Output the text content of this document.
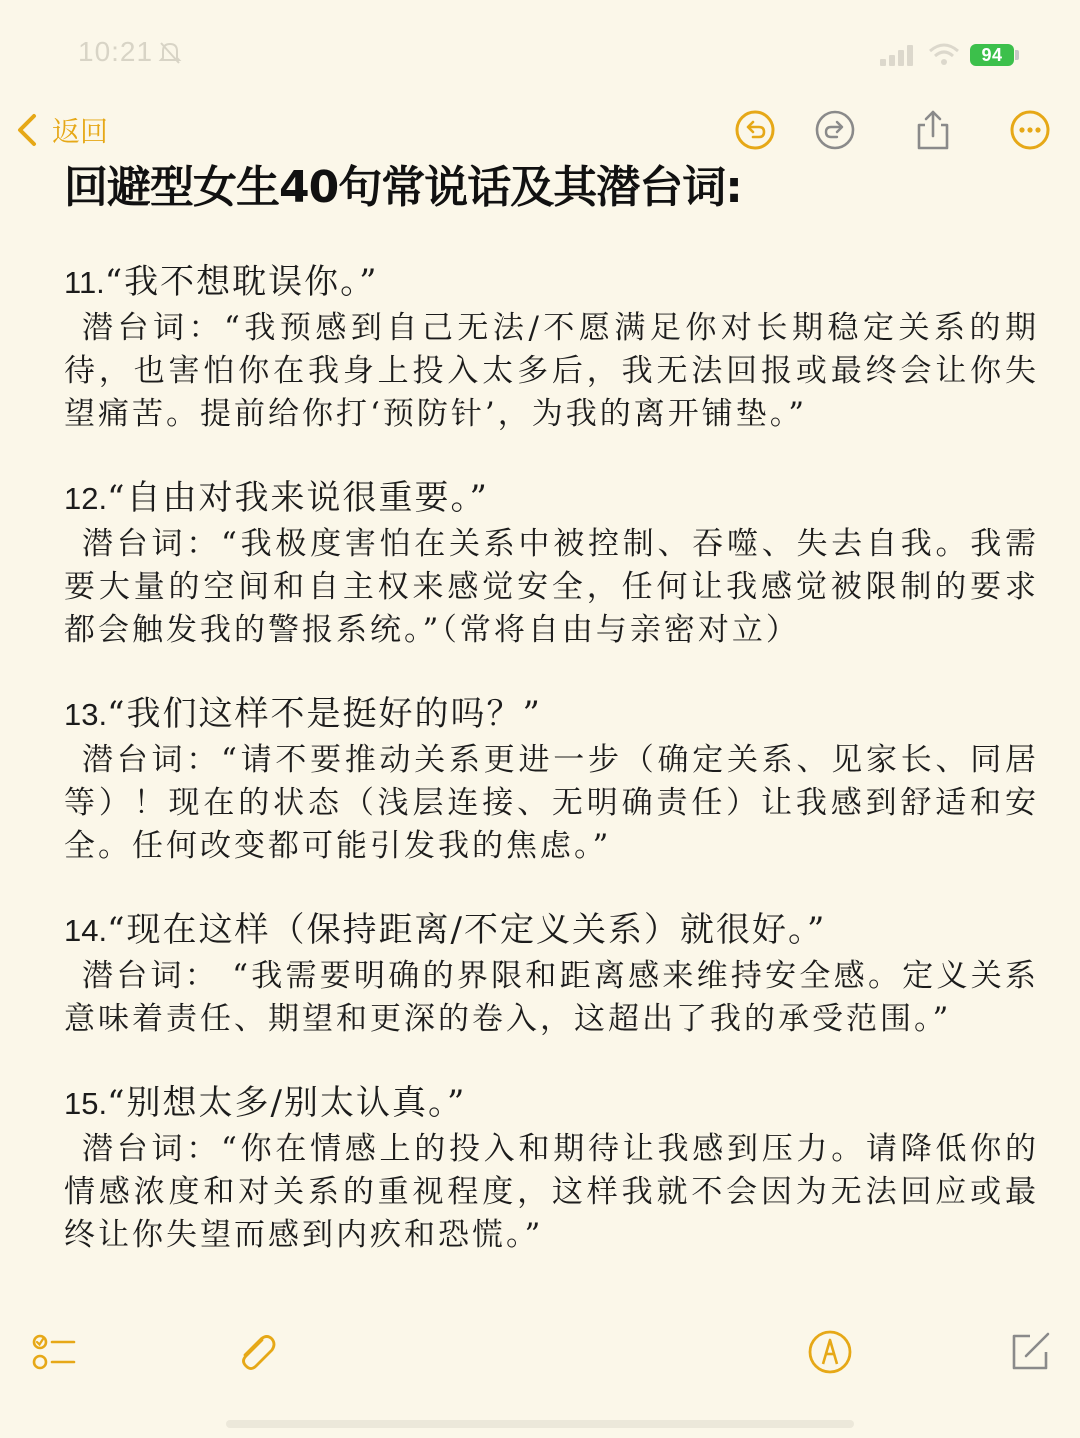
10:21	94
返回
回避型女生40句常说话及其潜台词:
11.“我不想耽误你。”
潜台词：“我预感到自己无法/不愿满足你对长期稳定关系的期待，也害怕你在我身上投入太多后，我无法回报或最终会让你失望痛苦。提前给你打‘预防针’，为我的离开铺垫。”
12.“自由对我来说很重要。”
潜台词：“我极度害怕在关系中被控制、吞噬、失去自我。我需要大量的空间和自主权来感觉安全，任何让我感觉被限制的要求都会触发我的警报系统。”（常将自由与亲密对立）
13.“我们这样不是挺好的吗？”
潜台词：“请不要推动关系更进一步（确定关系、见家长、同居等）！现在的状态（浅层连接、无明确责任）让我感到舒适和安全。任何改变都可能引发我的焦虑。”
14.“现在这样（保持距离/不定义关系）就很好。”
潜台词： “我需要明确的界限和距离感来维持安全感。定义关系意味着责任、期望和更深的卷入，这超出了我的承受范围。”
15.“别想太多/别太认真。”
潜台词：“你在情感上的投入和期待让我感到压力。请降低你的情感浓度和对关系的重视程度，这样我就不会因为无法回应或最终让你失望而感到内疚和恐慌。”
